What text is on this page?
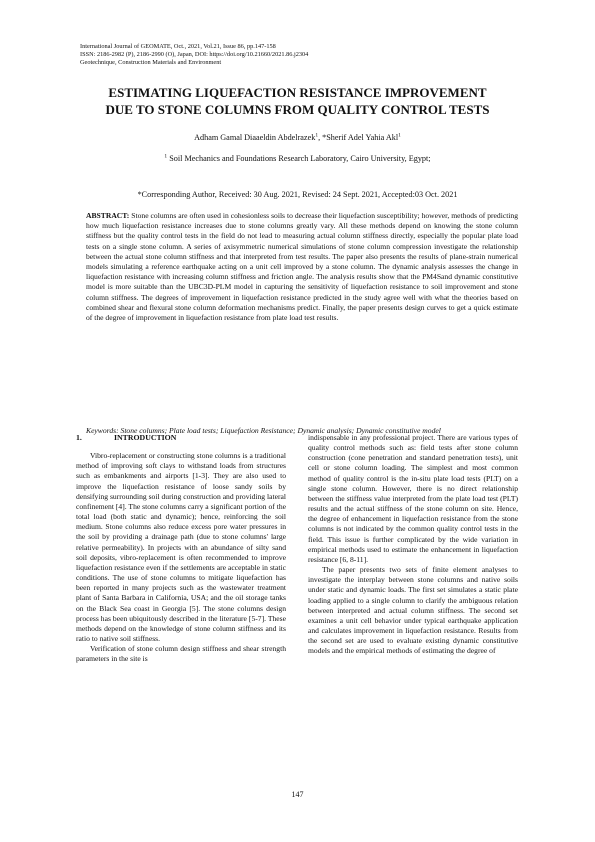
International Journal of GEOMATE, Oct., 2021, Vol.21, Issue 86, pp.147-158
ISSN: 2186-2982 (P), 2186-2990 (O), Japan, DOI: https://doi.org/10.21660/2021.86.j2304
Geotechnique, Construction Materials and Environment
ESTIMATING LIQUEFACTION RESISTANCE IMPROVEMENT
DUE TO STONE COLUMNS FROM QUALITY CONTROL TESTS
Adham Gamal Diaaeldin Abdelrazek$^1$, *Sherif Adel Yahia Akl$^1$
$^1$ Soil Mechanics and Foundations Research Laboratory, Cairo University, Egypt;
*Corresponding Author, Received: 30 Aug. 2021, Revised: 24 Sept. 2021, Accepted:03 Oct. 2021
ABSTRACT: Stone columns are often used in cohesionless soils to decrease their liquefaction susceptibility; however, methods of predicting how much liquefaction resistance increases due to stone columns greatly vary. All these methods depend on knowing the stone column stiffness but the quality control tests in the field do not lead to measuring actual column stiffness directly, especially the popular plate load tests on a single stone column. A series of axisymmetric numerical simulations of stone column compression investigate the relationship between the actual stone column stiffness and that interpreted from test results. The paper also presents the results of plane-strain numerical models simulating a reference earthquake acting on a unit cell improved by a stone column. The dynamic analysis assesses the change in liquefaction resistance with increasing column stiffness and friction angle. The analysis results show that the PM4Sand dynamic constitutive model is more suitable than the UBC3D-PLM model in capturing the sensitivity of liquefaction resistance to soil improvement and stone column stiffness. The degrees of improvement in liquefaction resistance predicted in the study agree well with what the theories based on combined shear and flexural stone column deformation mechanisms predict. Finally, the paper presents design curves to get a quick estimate of the degree of improvement in liquefaction resistance from plate load test results.
Keywords: Stone columns; Plate load tests; Liquefaction Resistance; Dynamic analysis; Dynamic constitutive model
1.	INTRODUCTION

Vibro-replacement or constructing stone columns is a traditional method of improving soft clays to withstand loads from structures such as embankments and airports [1-3]. They are also used to improve the liquefaction resistance of loose sandy soils by densifying surrounding soil during construction and providing lateral confinement [4]. The stone columns carry a significant portion of the total load (both static and dynamic); hence, reinforcing the soil medium. Stone columns also reduce excess pore water pressures in the soil by providing a drainage path (due to stone columns' large relative permeability). In projects with an abundance of silty sand soil deposits, vibro-replacement is often recommended to improve liquefaction resistance even if the settlements are acceptable in static conditions. The use of stone columns to mitigate liquefaction has been reported in many projects such as the wastewater treatment plant of Santa Barbara in California, USA; and the oil storage tanks on the Black Sea coast in Georgia [5]. The stone columns design process has been ubiquitously described in the literature [5-7]. These methods depend on the knowledge of stone column stiffness and its ratio to native soil stiffness.

Verification of stone column design stiffness and shear strength parameters in the site is

indispensable in any professional project. There are various types of quality control methods such as: field tests after stone column construction (cone penetration and standard penetration tests), unit cell or stone column loading. The simplest and most common method of quality control is the in-situ plate load tests (PLT) on a single stone column. However, there is no direct relationship between the stiffness value interpreted from the plate load test (PLT) results and the actual stiffness of the stone column on site. Hence, the degree of enhancement in liquefaction resistance from the stone columns is not indicated by the common quality control tests in the field. This issue is further complicated by the wide variation in empirical methods used to estimate the enhancement in liquefaction resistance [6, 8-11].

The paper presents two sets of finite element analyses to investigate the interplay between stone columns and native soils under static and dynamic loads. The first set simulates a static plate loading applied to a single column to clarify the ambiguous relation between interpreted and actual column stiffness. The second set examines a unit cell behavior under typical earthquake application and calculates improvement in liquefaction resistance. Results from the second set are used to evaluate existing dynamic constitutive models and the empirical methods of estimating the degree of

147
